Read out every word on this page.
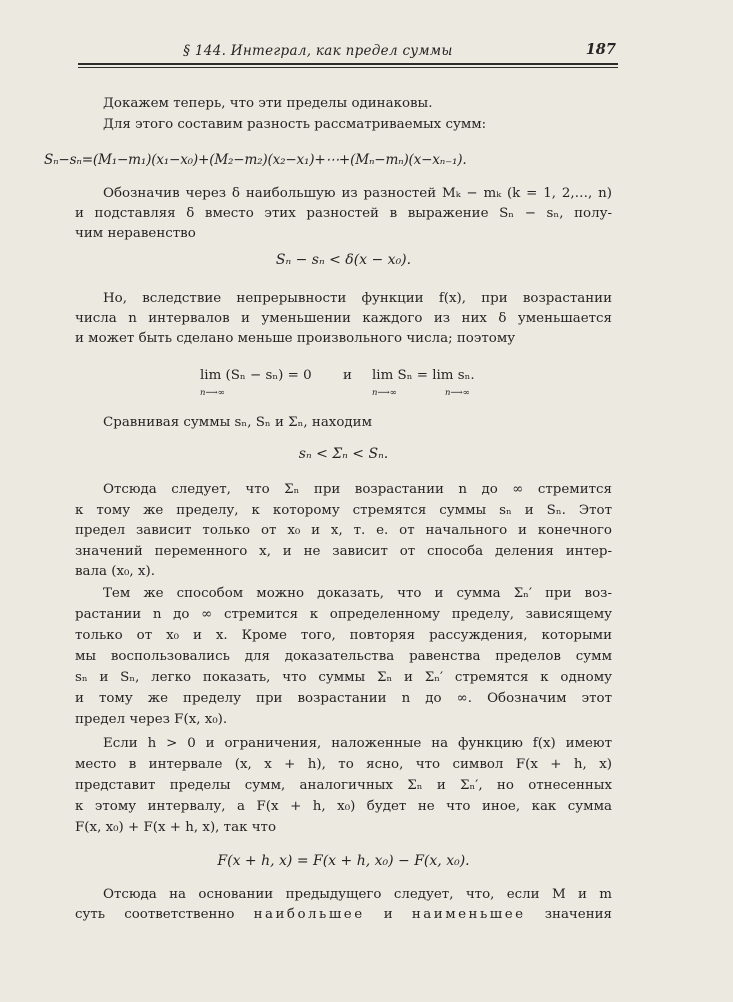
§ 144. Интеграл, как предел суммы	187
Докажем теперь, что эти пределы одинаковы.
Для этого составим разность рассматриваемых сумм:
Sₙ−sₙ=(M₁−m₁)(x₁−x₀)+(M₂−m₂)(x₂−x₁)+⋯+(Mₙ−mₙ)(x−xₙ₋₁).
Обозначив через δ наибольшую из разностей Mₖ − mₖ (k = 1, 2,…, n)
и подставляя δ вместо этих разностей в выражение Sₙ − sₙ, полу-
чим неравенство
Sₙ − sₙ < δ(x − x₀).
Но, вследствие непрерывности функции f(x), при возрастании
числа n интервалов и уменьшении каждого из них δ уменьшается
и может быть сделано меньше произвольного числа; поэтому
lim (Sₙ − sₙ) = 0
n⟶∞
и lim Sₙ = lim sₙ.
n⟶∞	n⟶∞
Сравнивая суммы sₙ, Sₙ и Σₙ, находим
sₙ < Σₙ < Sₙ.
Отсюда следует, что Σₙ при возрастании n до ∞ стремится
к тому же пределу, к которому стремятся суммы sₙ и Sₙ. Этот
предел зависит только от x₀ и x, т. е. от начального и конечного
значений переменного x, и не зависит от способа деления интер-
вала (x₀, x).
Тем же способом можно доказать, что и сумма Σₙ′ при воз-
растании n до ∞ стремится к определенному пределу, зависящему
только от x₀ и x. Кроме того, повторяя рассуждения, которыми
мы воспользовались для доказательства равенства пределов сумм
sₙ и Sₙ, легко показать, что суммы Σₙ и Σₙ′ стремятся к одному
и тому же пределу при возрастании n до ∞. Обозначим этот
предел через F(x, x₀).
Если h > 0 и ограничения, наложенные на функцию f(x) имеют
место в интервале (x, x + h), то ясно, что символ F(x + h, x)
представит пределы сумм, аналогичных Σₙ и Σₙ′, но отнесенных
к этому интервалу, а F(x + h, x₀) будет не что иное, как сумма
F(x, x₀) + F(x + h, x), так что
F(x + h, x) = F(x + h, x₀) − F(x, x₀).
Отсюда на основании предыдущего следует, что, если M и m
суть соответственно наибольшее и наименьшее значения
